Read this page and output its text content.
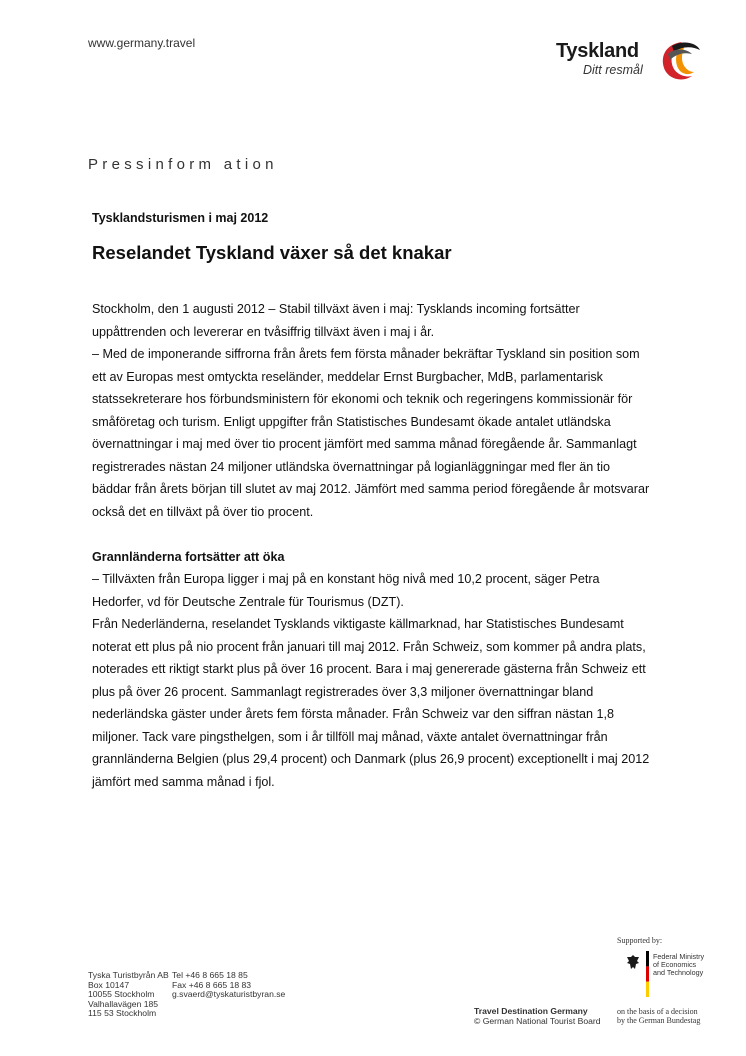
www.germany.travel	Tyskland
Ditt resmål
Pressinform ation
Tysklandsturismen i maj 2012
Reselandet Tyskland växer så det knakar

Stockholm, den 1 augusti 2012 – Stabil tillväxt även i maj: Tysklands incoming fortsätter uppåttrenden och levererar en tvåsiffrig tillväxt även i maj i år.

– Med de imponerande siffrorna från årets fem första månader bekräftar Tyskland sin position som ett av Europas mest omtyckta reseländer, meddelar Ernst Burgbacher, MdB, parlamentarisk statssekreterare hos förbundsministern för ekonomi och teknik och regeringens kommissionär för småföretag och turism. Enligt uppgifter från Statistisches Bundesamt ökade antalet utländska övernattningar i maj med över tio procent jämfört med samma månad föregående år. Sammanlagt registrerades nästan 24 miljoner utländska övernattningar på logianläggningar med fler än tio bäddar från årets början till slutet av maj 2012. Jämfört med samma period föregående år motsvarar också det en tillväxt på över tio procent.

Grannländerna fortsätter att öka

– Tillväxten från Europa ligger i maj på en konstant hög nivå med 10,2 procent, säger Petra Hedorfer, vd för Deutsche Zentrale für Tourismus (DZT).

Från Nederländerna, reselandet Tysklands viktigaste källmarknad, har Statistisches Bundesamt noterat ett plus på nio procent från januari till maj 2012. Från Schweiz, som kommer på andra plats, noterades ett riktigt starkt plus på över 16 procent. Bara i maj genererade gästerna från Schweiz ett plus på över 26 procent. Sammanlagt registrerades över 3,3 miljoner övernattningar bland nederländska gäster under årets fem första månader. Från Schweiz var den siffran nästan 1,8 miljoner. Tack vare pingsthelgen, som i år tillföll maj månad, växte antalet övernattningar från grannländerna Belgien (plus 29,4 procent) och Danmark (plus 26,9 procent) exceptionellt i maj 2012 jämfört med samma månad i fjol.

Tyska Turistbyrån AB
Box 10147
10055 Stockholm
Valhallavägen 185
115 53 Stockholm
Tel +46 8 665 18 85
Fax +46 8 665 18 83
g.svaerd@tyskaturistbyran.se
Travel Destination Germany
© German National Tourist Board
Supported by:
Federal Ministry
of Economics
and Technology
on the basis of a decision
by the German Bundestag
